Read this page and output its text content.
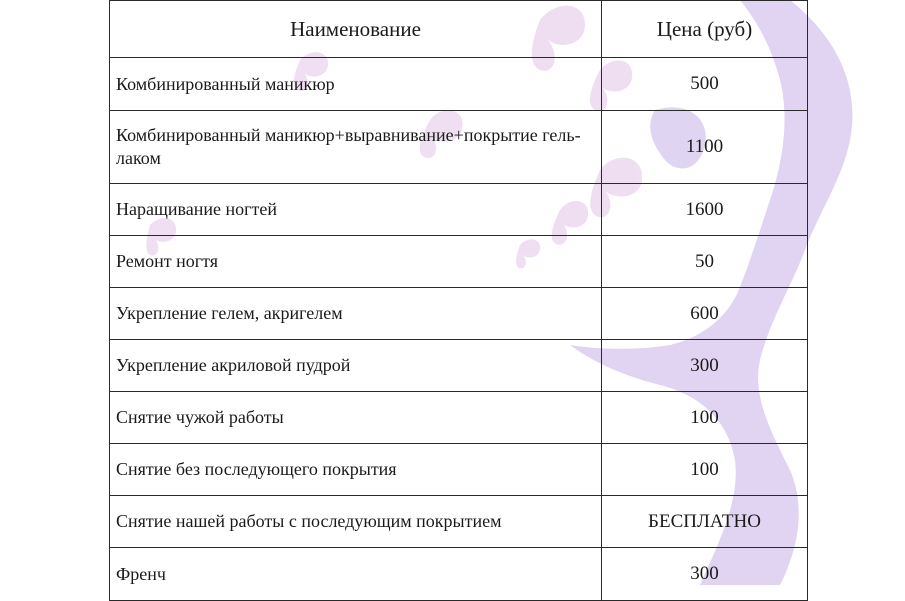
Наименование	Цена (руб)
Комбинированный маникюр	500
Комбинированный маникюр+выравнивание+покрытие гель-лаком	1100
Наращивание ногтей	1600
Ремонт ногтя	50
Укрепление гелем, акригелем	600
Укрепление акриловой пудрой	300
Снятие чужой работы	100
Снятие без последующего покрытия	100
Снятие нашей работы с последующим покрытием	БЕСПЛАТНО
Френч	300
